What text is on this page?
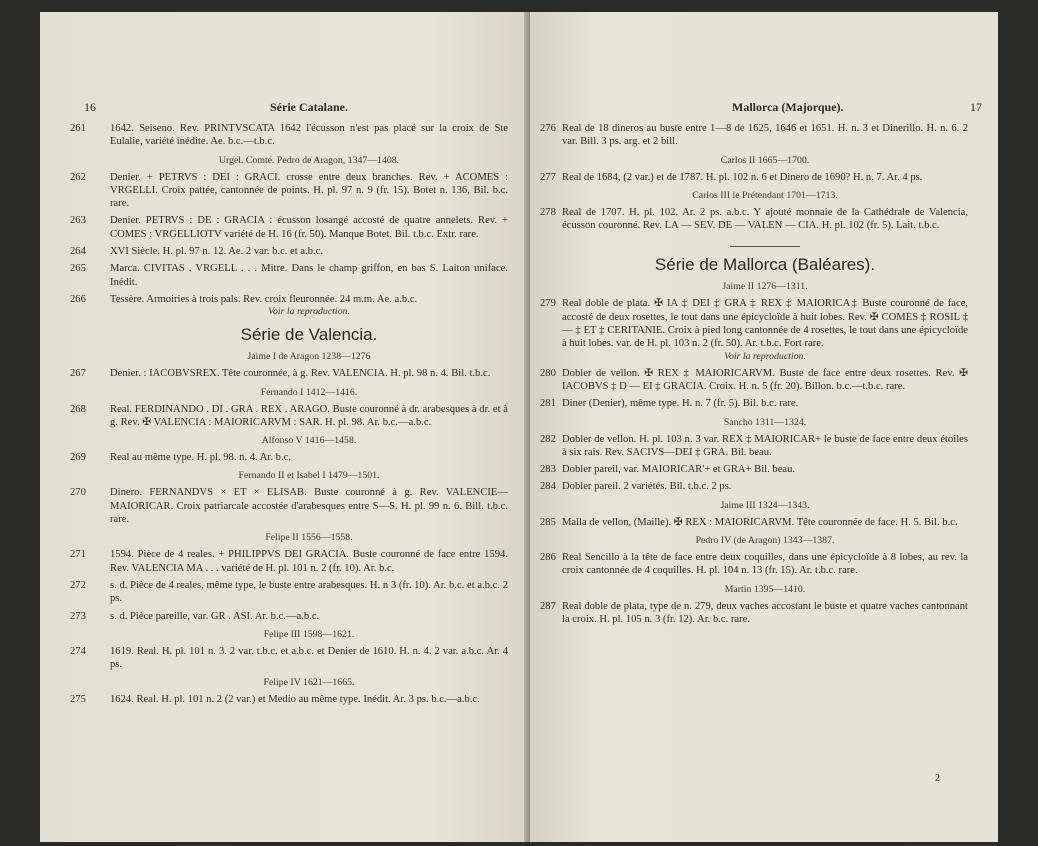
16	Série Catalane.
261	1642. Seiseno. Rev. PRINTVSCATA 1642 l'écusson n'est pas placé sur la croix de Ste Eulalie, variété inédite. Ae. b.c.—t.b.c.
Urgel. Comté. Pedro de Aragon, 1347—1408.
262	Denier. + PETRVS : DEI : GRACI. crosse entre deux branches. Rev. + ACOMES : VRGELLI. Croix pattée, cantonnée de points. H. pl. 97 n. 9 (fr. 15). Botet n. 136, Bil. b.c. rare.
263	Denier. PETRVS : DE : GRACIA : écusson losangé accosté de quatre annelets. Rev. + COMES : VRGELLIOTV variété de H. 16 (fr. 50). Manque Botet. Bil. t.b.c. Extr. rare.
264	XVI Siècle. H. pl. 97 n. 12. Ae. 2 var. b.c. et a.b.c.
265	Marca. CIVITAS . VRGELL . . . Mitre. Dans le champ griffon, en bas S. Laiton uniface. Inédit.
266	Tessère. Armoiries à trois pals. Rev. croix fleuronnée. 24 m.m. Ae. a.b.c.
Voir la reproduction.
Série de Valencia.
Jaime I de Aragon 1238—1276
267	Denier. : IACOBVSREX. Tête couronnée, à g. Rev. VALENCIA. H. pl. 98 n. 4. Bil. t.b.c.
Fernando I 1412—1416.
268	Real. FERDINANDO . DI . GRA . REX . ARAGO. Buste couronné à dr. arabesques à dr. et à g. Rev. ✠ VALENCIA : MAIORICARVM : SAR. H. pl. 98. Ar. b.c.—a.b.c.
Alfonso V 1416—1458.
269	Real au même type. H. pl. 98. n. 4. Ar. b.c.
Fernando II et Isabel I 1479—1501.
270	Dinero. FERNANDVS × ET × ELISAB. Buste couronné à g. Rev. VALENCIE—MAIORICAR. Croix patriarcale accostée d'arabesques entre S—S. H. pl. 99 n. 6. Bill. t.b.c. rare.
Felipe II 1556—1558.
271	1594. Pièce de 4 reales. + PHILIPPVS DEI GRACIA. Buste couronné de face entre 1594. Rev. VALENCIA MA . . . variété de H. pl. 101 n. 2 (fr. 10). Ar. b.c.
272	s. d. Pièce de 4 reales, même type, le buste entre arabesques. H. n 3 (fr. 10). Ar. b.c. et a.b.c. 2 ps.
273	s. d. Pièce pareille, var. GR . ASI. Ar. b.c.—a.b.c.
Felipe III 1598—1621.
274	1619. Real. H. pl. 101 n. 3. 2 var. t.b.c. et a.b.c. et Denier de 1610. H. n. 4. 2 var. a.b.c. Ar. 4 ps.
Felipe IV 1621—1665.
275	1624. Real. H. pl. 101 n. 2 (2 var.) et Medio au même type. Inédit. Ar. 3 ps. b.c.—a.b.c.
Mallorca (Majorque).	17
276 Real de 18 dineros au buste entre 1—8 de 1625, 1646 et 1651. H. n. 3 et Dinerillo. H. n. 6. 2 var. Bill. 3 ps. arg. et 2 bill.
Carlos II 1665—1700.
277 Real de 1684, (2 var.) et de 1787. H. pl. 102 n. 6 et Dinero de 1690? H. n. 7. Ar. 4 ps.
Carlos III le Prétendant 1701—1713.
278 Real de 1707. H. pl. 102. Ar. 2 ps. a.b.c. Y ajouté monnaie de la Cathédrale de Valencia, écusson couronné. Rev. LA — SEV. DE — VALEN — CIA. H. pl. 102 (fr. 5). Lait. t.b.c.
Série de Mallorca (Baléares).
Jaime II 1276—1311.
279 Real doble de plata. ✠ IA ‡ DEI ‡ GRA ‡ REX ‡ MAIORICA‡ Buste couronné de face, accosté de deux rosettes, le tout dans une épicycloïde à huit lobes. Rev. ✠ COMES ‡ ROSIL ‡ — ‡ ET ‡ CERITANIE. Croix à pied long cantonnée de 4 rosettes, le tout dans une épicycloïde à huit lobes. var. de H. pl. 103 n. 2 (fr. 50). Ar. t.b.c. Fort rare.
Voir la reproduction.
280 Dobler de vellon. ✠ REX ‡ MAIORICARVM. Buste de face entre deux rosettes. Rev. ✠ IACOBVS ‡ D — EI ‡ GRACIA. Croix. H. n. 5 (fr. 20). Billon. b.c.—t.b.c. rare.
281 Diner (Denier), même type. H. n. 7 (fr. 5). Bil. b.c. rare.
Sancho 1311—1324.
282 Dobler de vellon. H. pl. 103 n. 3 var. REX ‡ MAIORICAR+ le buste de face entre deux étoiles à six rais. Rev. SACIVS—DEI ‡ GRA. Bil. beau.
283 Dobler pareil, var. MAIORICAR'+ et GRA+ Bil. beau.
284 Dobler pareil. 2 variétés. Bil. t.b.c. 2 ps.
Jaime III 1324—1343.
285 Malla de vellon, (Maille). ✠ REX : MAIORICARVM. Tête couronnée de face. H. 5. Bil. b.c.
Pedro IV (de Aragon) 1343—1387.
286 Real Sencillo à la tête de face entre deux coquilles, dans une épicycloïde à 8 lobes, au rev. la croix cantonnée de 4 coquilles. H. pl. 104 n. 13 (fr. 15). Ar. t.b.c. rare.
Martin 1395—1410.
287 Real doble de plata, type de n. 279, deux vaches accostant le buste et quatre vaches cantonnant la croix. H. pl. 105 n. 3 (fr. 12). Ar. b.c. rare.
2
